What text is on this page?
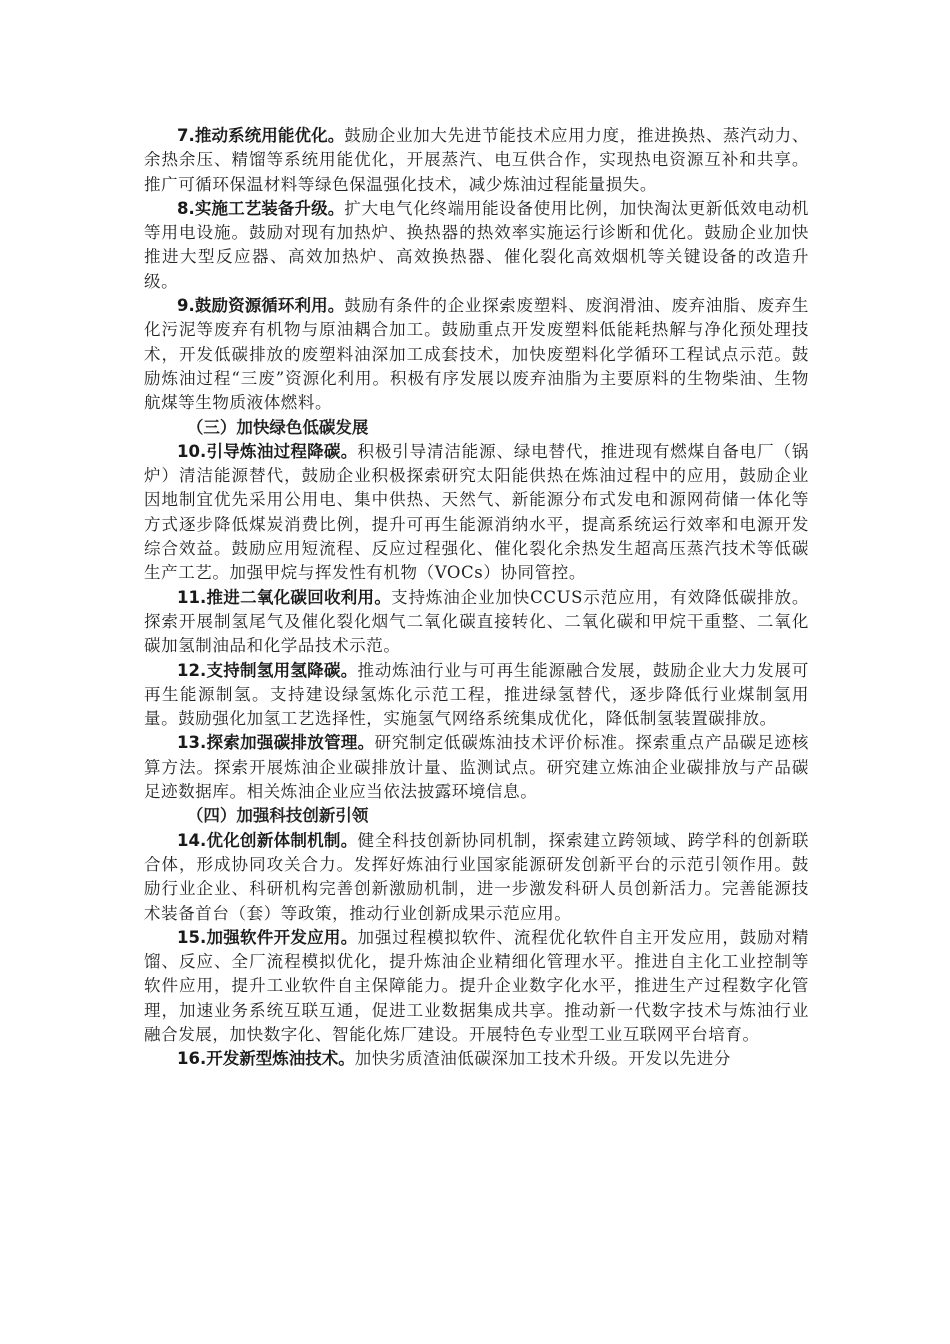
7.推动系统用能优化。鼓励企业加大先进节能技术应用力度，推进换热、蒸汽动力、余热余压、精馏等系统用能优化，开展蒸汽、电互供合作，实现热电资源互补和共享。推广可循环保温材料等绿色保温强化技术，减少炼油过程能量损失。

8.实施工艺装备升级。扩大电气化终端用能设备使用比例，加快淘汰更新低效电动机等用电设施。鼓励对现有加热炉、换热器的热效率实施运行诊断和优化。鼓励企业加快推进大型反应器、高效加热炉、高效换热器、催化裂化高效烟机等关键设备的改造升级。

9.鼓励资源循环利用。鼓励有条件的企业探索废塑料、废润滑油、废弃油脂、废弃生化污泥等废弃有机物与原油耦合加工。鼓励重点开发废塑料低能耗热解与净化预处理技术，开发低碳排放的废塑料油深加工成套技术，加快废塑料化学循环工程试点示范。鼓励炼油过程“三废”资源化利用。积极有序发展以废弃油脂为主要原料的生物柴油、生物航煤等生物质液体燃料。

（三）加快绿色低碳发展

10.引导炼油过程降碳。积极引导清洁能源、绿电替代，推进现有燃煤自备电厂（锅炉）清洁能源替代，鼓励企业积极探索研究太阳能供热在炼油过程中的应用，鼓励企业因地制宜优先采用公用电、集中供热、天然气、新能源分布式发电和源网荷储一体化等方式逐步降低煤炭消费比例，提升可再生能源消纳水平，提高系统运行效率和电源开发综合效益。鼓励应用短流程、反应过程强化、催化裂化余热发生超高压蒸汽技术等低碳生产工艺。加强甲烷与挥发性有机物（VOCs）协同管控。

11.推进二氧化碳回收利用。支持炼油企业加快CCUS示范应用，有效降低碳排放。探索开展制氢尾气及催化裂化烟气二氧化碳直接转化、二氧化碳和甲烷干重整、二氧化碳加氢制油品和化学品技术示范。

12.支持制氢用氢降碳。推动炼油行业与可再生能源融合发展，鼓励企业大力发展可再生能源制氢。支持建设绿氢炼化示范工程，推进绿氢替代，逐步降低行业煤制氢用量。鼓励强化加氢工艺选择性，实施氢气网络系统集成优化，降低制氢装置碳排放。

13.探索加强碳排放管理。研究制定低碳炼油技术评价标准。探索重点产品碳足迹核算方法。探索开展炼油企业碳排放计量、监测试点。研究建立炼油企业碳排放与产品碳足迹数据库。相关炼油企业应当依法披露环境信息。

（四）加强科技创新引领

14.优化创新体制机制。健全科技创新协同机制，探索建立跨领域、跨学科的创新联合体，形成协同攻关合力。发挥好炼油行业国家能源研发创新平台的示范引领作用。鼓励行业企业、科研机构完善创新激励机制，进一步激发科研人员创新活力。完善能源技术装备首台（套）等政策，推动行业创新成果示范应用。

15.加强软件开发应用。加强过程模拟软件、流程优化软件自主开发应用，鼓励对精馏、反应、全厂流程模拟优化，提升炼油企业精细化管理水平。推进自主化工业控制等软件应用，提升工业软件自主保障能力。提升企业数字化水平，推进生产过程数字化管理，加速业务系统互联互通，促进工业数据集成共享。推动新一代数字技术与炼油行业融合发展，加快数字化、智能化炼厂建设。开展特色专业型工业互联网平台培育。

16.开发新型炼油技术。加快劣质渣油低碳深加工技术升级。开发以先进分
